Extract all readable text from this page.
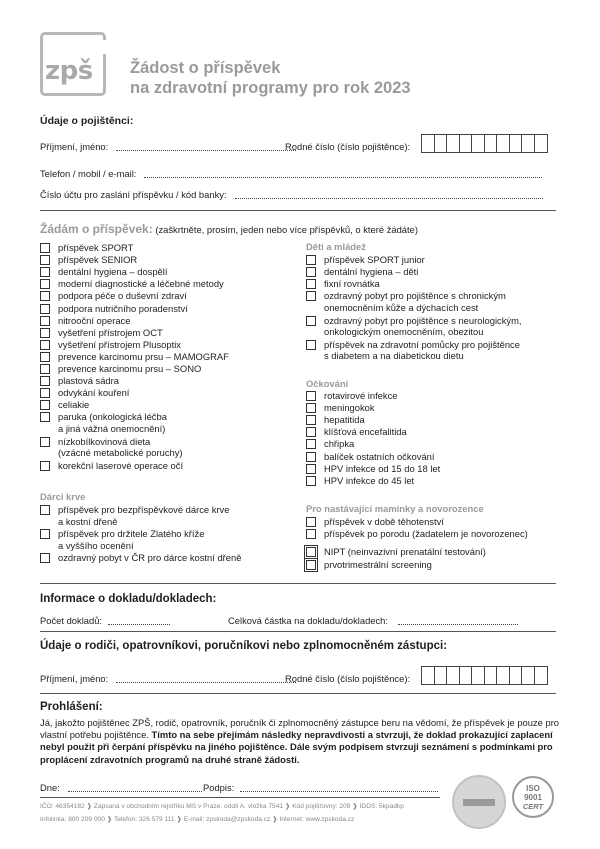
zpš Žádost o příspěvek
na zdravotní programy pro rok 2023
Údaje o pojištěnci:
Příjmení, jméno:	Rodné číslo (číslo pojištěnce):
Telefon / mobil / e-mail:
Číslo účtu pro zaslání příspěvku / kód banky:
Žádám o příspěvek: (zaškrtněte, prosím, jeden nebo více příspěvků, o které žádáte)
příspěvek SPORT
příspěvek SENIOR
dentální hygiena – dospělí
moderní diagnostické a léčebné metody
podpora péče o duševní zdraví
podpora nutričního poradenství
nitrooční operace
vyšetření přístrojem OCT
vyšetření přístrojem Plusoptix
prevence karcinomu prsu – MAMOGRAF
prevence karcinomu prsu – SONO
plastová sádra
odvykání kouření
celiakie
paruka (onkologická léčba
a jiná vážná onemocnění)
nízkobílkovinová dieta
(vzácné metabolické poruchy)
korekční laserové operace očí
Dárci krve
příspěvek pro bezpříspěvkové dárce krve
a kostní dřeně
příspěvek pro držitele Zlatého kříže
a vyššího ocenění
ozdravný pobyt v ČR pro dárce kostní dřeně
Děti a mládež
příspěvek SPORT junior
dentální hygiena – děti
fixní rovnátka
ozdravný pobyt pro pojištěnce s chronickým
onemocněním kůže a dýchacích cest
ozdravný pobyt pro pojištěnce s neurologickým,
onkologickým onemocněním, obezitou
příspěvek na zdravotní pomůcky pro pojištěnce
s diabetem a na diabetickou dietu
Očkování
rotavirové infekce
meningokok
hepatitida
klíšťová encefalitida
chřipka
balíček ostatních očkování
HPV infekce od 15 do 18 let
HPV infekce do 45 let
Pro nastávající maminky a novorozence
příspěvek v době těhotenství
příspěvek po porodu (žadatelem je novorozenec)
NIPT (neinvazivní prenatální testování)
prvotrimestrální screening
Informace o dokladu/dokladech:
Počet dokladů:	Celková částka na dokladu/dokladech:
Údaje o rodiči, opatrovníkovi, poručníkovi nebo zplnomocněném zástupci:
Příjmení, jméno:	Rodné číslo (číslo pojištěnce):
Prohlášení:
Já, jakožto pojištěnec ZPŠ, rodič, opatrovník, poručník či zplnomocněný zástupce beru na vědomí, že příspěvek je pouze pro vlastní potřebu pojištěnce. Tímto na sebe přejímám následky nepravdivosti a stvrzuji, že doklad prokazující zaplacení nebyl použit při čerpání příspěvku na jiného pojištěnce. Dále svým podpisem stvrzuji seznámení s podmínkami pro proplácení zdravotních programů na druhé straně žádosti.
Dne:	Podpis:
IČO: 46354182 ❱ Zapsaná v obchodním rejstříku MS v Praze, oddíl A, vložka 7541 ❱ Kód pojišťovny: 209 ❱ IDDS: 5kpadkp
Infolinka: 800 209 000 ❱ Telefon: 326 579 111 ❱ E-mail: zpskoda@zpskoda.cz ❱ Internet: www.zpskoda.cz
ISO
9001
CERT
